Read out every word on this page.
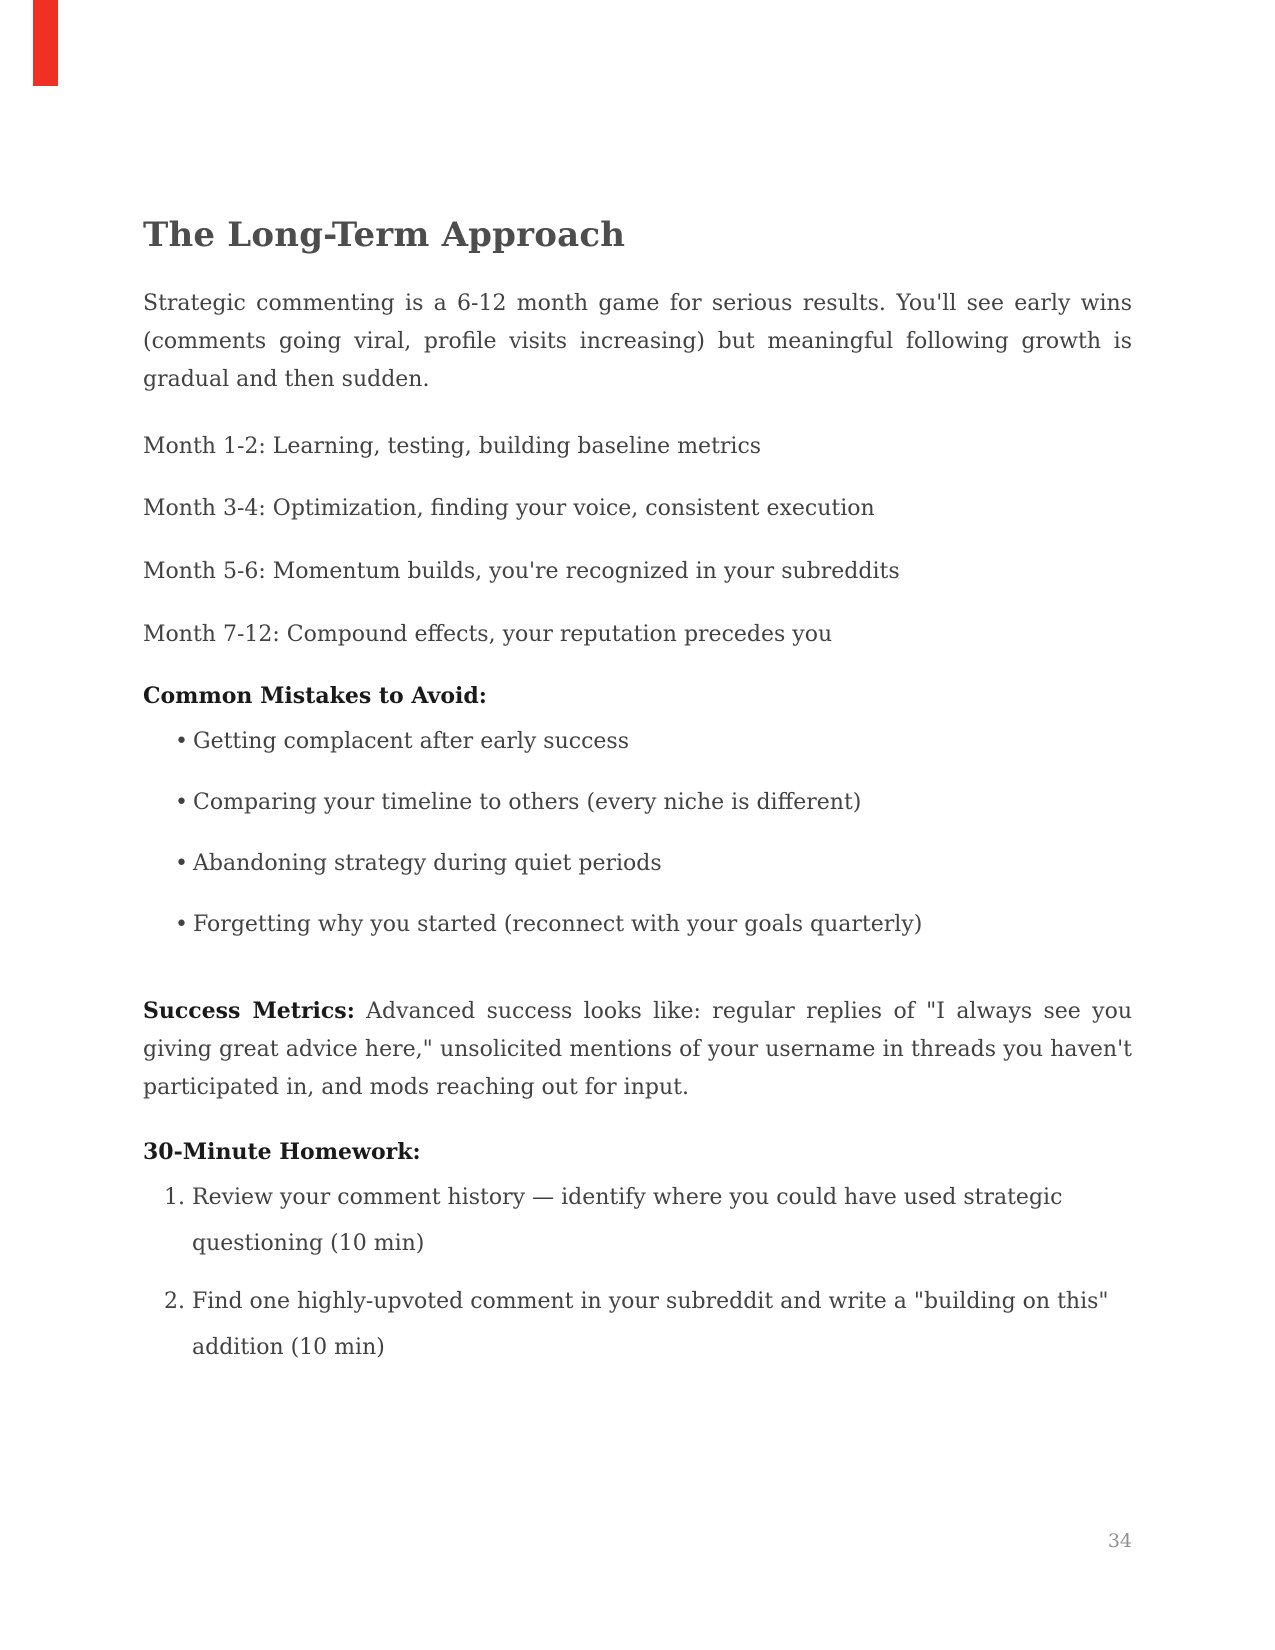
The Long-Term Approach

Strategic commenting is a 6-12 month game for serious results. You'll see early wins (comments going viral, profile visits increasing) but meaningful following growth is gradual and then sudden.

Month 1-2: Learning, testing, building baseline metrics

Month 3-4: Optimization, finding your voice, consistent execution

Month 5-6: Momentum builds, you're recognized in your subreddits

Month 7-12: Compound effects, your reputation precedes you

Common Mistakes to Avoid:
• Getting complacent after early success
• Comparing your timeline to others (every niche is different)
• Abandoning strategy during quiet periods
• Forgetting why you started (reconnect with your goals quarterly)

Success Metrics: Advanced success looks like: regular replies of "I always see you giving great advice here," unsolicited mentions of your username in threads you haven't participated in, and mods reaching out for input.

30-Minute Homework:
1. Review your comment history — identify where you could have used strategic questioning (10 min)
2. Find one highly-upvoted comment in your subreddit and write a "building on this" addition (10 min)
34
